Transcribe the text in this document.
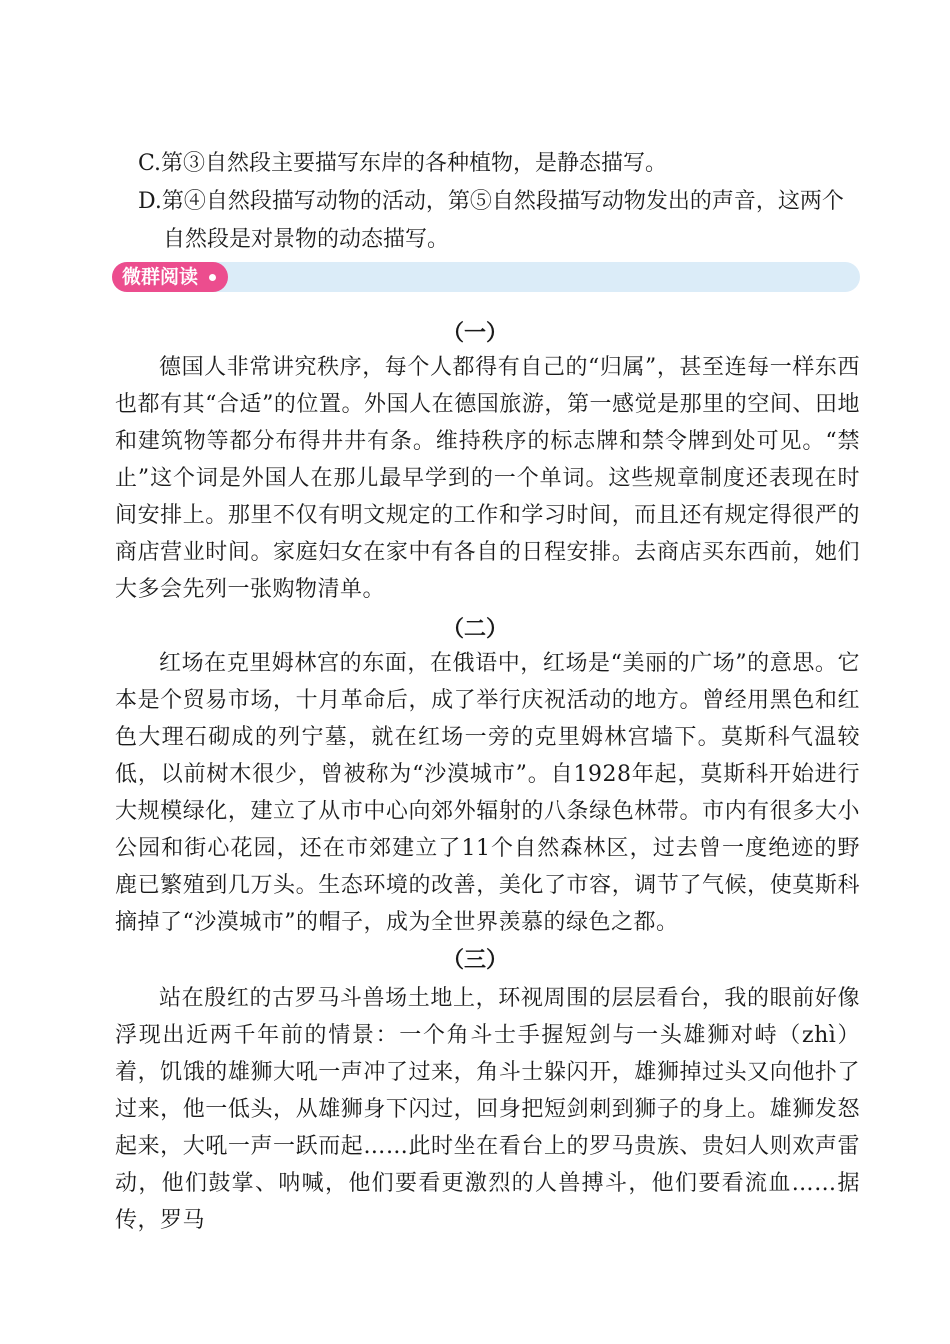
C.第③自然段主要描写东岸的各种植物，是静态描写。
D.第④自然段描写动物的活动，第⑤自然段描写动物发出的声音，这两个
自然段是对景物的动态描写。
微群阅读
（一）

德国人非常讲究秩序，每个人都得有自己的“归属”，甚至连每一样东西也都有其“合适”的位置。外国人在德国旅游，第一感觉是那里的空间、田地和建筑物等都分布得井井有条。维持秩序的标志牌和禁令牌到处可见。“禁止”这个词是外国人在那儿最早学到的一个单词。这些规章制度还表现在时间安排上。那里不仅有明文规定的工作和学习时间，而且还有规定得很严的商店营业时间。家庭妇女在家中有各自的日程安排。去商店买东西前，她们大多会先列一张购物清单。

（二）

红场在克里姆林宫的东面，在俄语中，红场是“美丽的广场”的意思。它本是个贸易市场，十月革命后，成了举行庆祝活动的地方。曾经用黑色和红色大理石砌成的列宁墓，就在红场一旁的克里姆林宫墙下。莫斯科气温较低，以前树木很少，曾被称为“沙漠城市”。自1928年起，莫斯科开始进行大规模绿化，建立了从市中心向郊外辐射的八条绿色林带。市内有很多大小公园和街心花园，还在市郊建立了11个自然森林区，过去曾一度绝迹的野鹿已繁殖到几万头。生态环境的改善，美化了市容，调节了气候，使莫斯科摘掉了“沙漠城市”的帽子，成为全世界羡慕的绿色之都。

（三）

站在殷红的古罗马斗兽场土地上，环视周围的层层看台，我的眼前好像浮现出近两千年前的情景：一个角斗士手握短剑与一头雄狮对峙（zhì）着，饥饿的雄狮大吼一声冲了过来，角斗士躲闪开，雄狮掉过头又向他扑了过来，他一低头，从雄狮身下闪过，回身把短剑刺到狮子的身上。雄狮发怒起来，大吼一声一跃而起……此时坐在看台上的罗马贵族、贵妇人则欢声雷动，他们鼓掌、呐喊，他们要看更激烈的人兽搏斗，他们要看流血……据传，罗马
